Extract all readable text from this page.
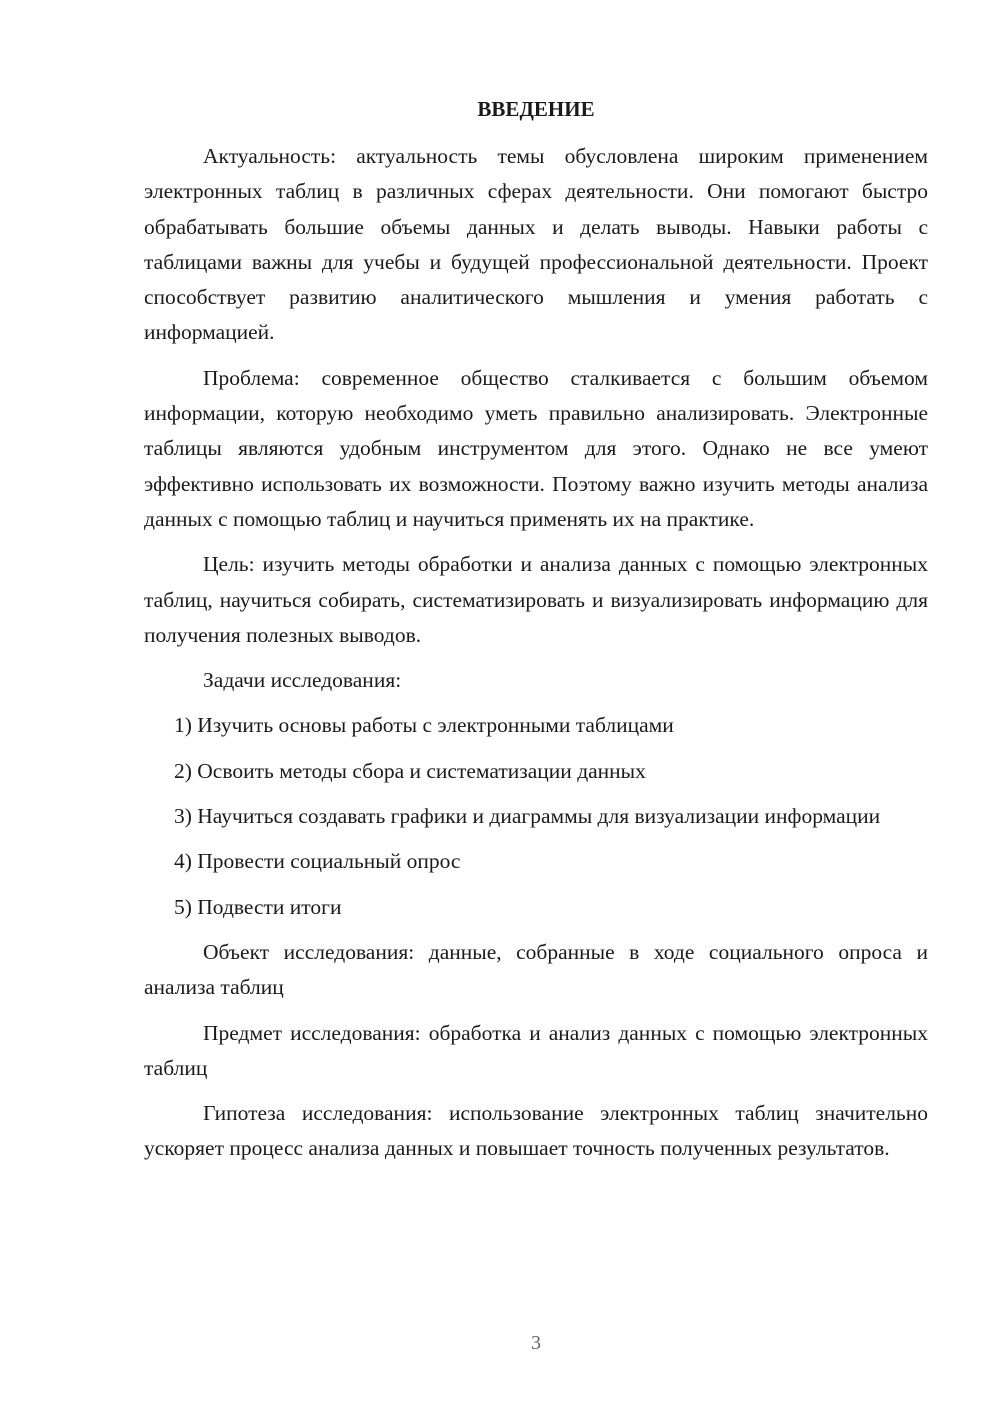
ВВЕДЕНИЕ
Актуальность: актуальность темы обусловлена широким применением электронных таблиц в различных сферах деятельности. Они помогают быстро обрабатывать большие объемы данных и делать выводы. Навыки работы с таблицами важны для учебы и будущей профессиональной деятельности. Проект способствует развитию аналитического мышления и умения работать с информацией.
Проблема: современное общество сталкивается с большим объемом информации, которую необходимо уметь правильно анализировать. Электронные таблицы являются удобным инструментом для этого. Однако не все умеют эффективно использовать их возможности. Поэтому важно изучить методы анализа данных с помощью таблиц и научиться применять их на практике.
Цель: изучить методы обработки и анализа данных с помощью электронных таблиц, научиться собирать, систематизировать и визуализировать информацию для получения полезных выводов.
Задачи исследования:
1) Изучить основы работы с электронными таблицами
2) Освоить методы сбора и систематизации данных
3) Научиться создавать графики и диаграммы для визуализации информации
4) Провести социальный опрос
5) Подвести итоги
Объект исследования: данные, собранные в ходе социального опроса и анализа таблиц
Предмет исследования: обработка и анализ данных с помощью электронных таблиц
Гипотеза исследования: использование электронных таблиц значительно ускоряет процесс анализа данных и повышает точность полученных результатов.
3
